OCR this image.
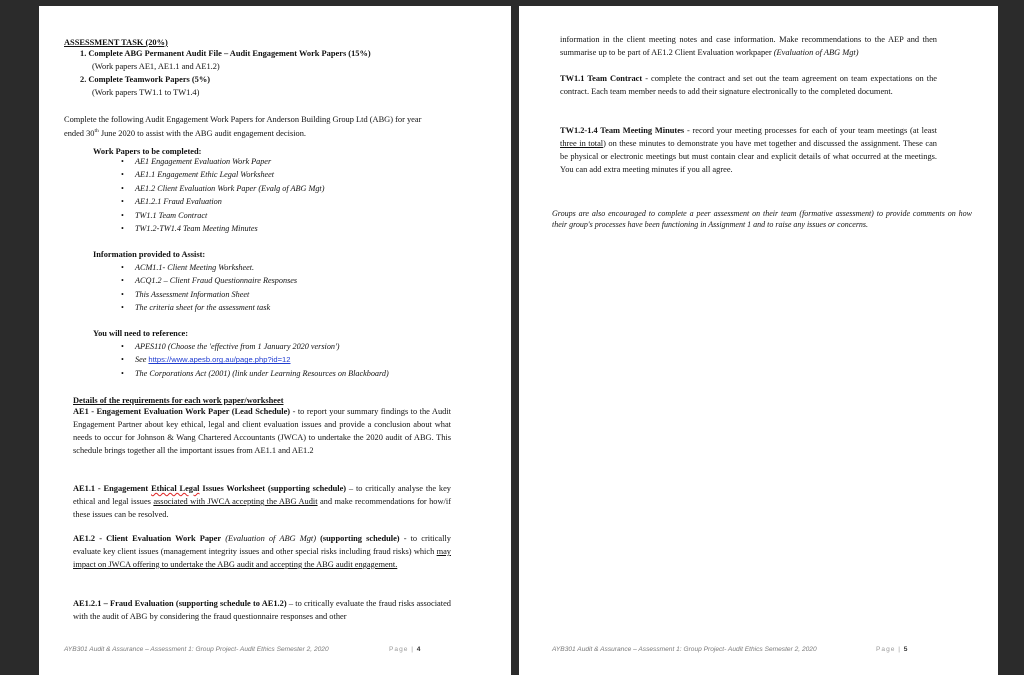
ASSESSMENT TASK (20%)

1. Complete ABG Permanent Audit File – Audit Engagement Work Papers (15%)

(Work papers AE1, AE1.1 and AE1.2)

2. Complete Teamwork Papers (5%)

(Work papers TW1.1 to TW1.4)

Complete the following Audit Engagement Work Papers for Anderson Building Group Ltd (ABG) for year

ended 30th June 2020 to assist with the ABG audit engagement decision.

Work Papers to be completed:

• AE1 Engagement Evaluation Work Paper
• AE1.1 Engagement Ethic Legal Worksheet
• AE1.2 Client Evaluation Work Paper (Evalg of ABG Mgt)
• AE1.2.1 Fraud Evaluation
• TW1.1 Team Contract
• TW1.2-TW1.4 Team Meeting Minutes

Information provided to Assist:

• ACM1.1- Client Meeting Worksheet.
• ACQ1.2 – Client Fraud Questionnaire Responses
• This Assessment Information Sheet
• The criteria sheet for the assessment task

You will need to reference:

• APES110 (Choose the 'effective from 1 January 2020 version')
• See https://www.apesb.org.au/page.php?id=12
• The Corporations Act (2001) (link under Learning Resources on Blackboard)

Details of the requirements for each work paper/worksheet

AE1 - Engagement Evaluation Work Paper (Lead Schedule) - to report your summary findings to the Audit Engagement Partner about key ethical, legal and client evaluation issues and provide a conclusion about what needs to occur for Johnson & Wang Chartered Accountants (JWCA) to undertake the 2020 audit of ABG. This schedule brings together all the important issues from AE1.1 and AE1.2

AE1.1 - Engagement Ethical Legal Issues Worksheet (supporting schedule) – to critically analyse the key ethical and legal issues associated with JWCA accepting the ABG Audit and make recommendations for how/if these issues can be resolved.

AE1.2 - Client Evaluation Work Paper (Evaluation of ABG Mgt) (supporting schedule) - to critically evaluate key client issues (management integrity issues and other special risks including fraud risks) which may impact on JWCA offering to undertake the ABG audit and accepting the ABG audit engagement.

AE1.2.1 – Fraud Evaluation (supporting schedule to AE1.2) – to critically evaluate the fraud risks associated with the audit of ABG by considering the fraud questionnaire responses and other

AYB301 Audit & Assurance – Assessment 1: Group Project- Audit Ethics Semester 2, 2020	Page | 4

information in the client meeting notes and case information. Make recommendations to the AEP and then summarise up to be part of AE1.2 Client Evaluation workpaper (Evaluation of ABG Mgt)

TW1.1 Team Contract - complete the contract and set out the team agreement on team expectations on the contract. Each team member needs to add their signature electronically to the completed document.

TW1.2-1.4 Team Meeting Minutes - record your meeting processes for each of your team meetings (at least three in total) on these minutes to demonstrate you have met together and discussed the assignment. These can be physical or electronic meetings but must contain clear and explicit details of what occurred at the meetings. You can add extra meeting minutes if you all agree.

Groups are also encouraged to complete a peer assessment on their team (formative assessment) to provide comments on how their group's processes have been functioning in Assignment 1 and to raise any issues or concerns.

AYB301 Audit & Assurance – Assessment 1: Group Project- Audit Ethics Semester 2, 2020	Page | 5
